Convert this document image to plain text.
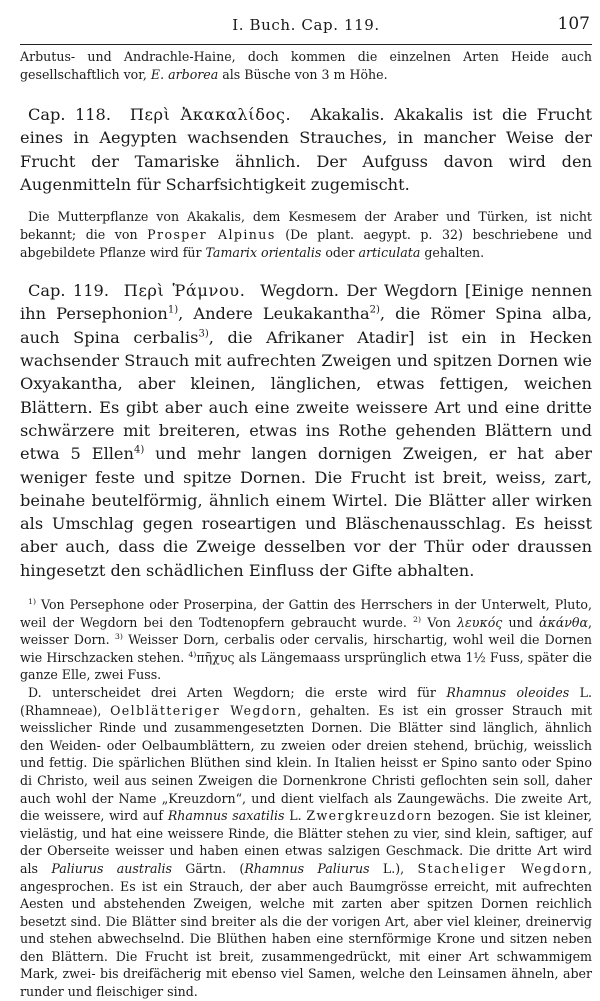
I. Buch. Cap. 119.	107

Arbutus- und Andrachle-Haine, doch kommen die einzelnen Arten Heide auch gesellschaftlich vor, E. arborea als Büsche von 3 m Höhe.

Cap. 118. Περὶ Ἀκακαλίδος. Akakalis. Akakalis ist die Frucht eines in Aegypten wachsenden Strauches, in mancher Weise der Frucht der Tamariske ähnlich. Der Aufguss davon wird den Augenmitteln für Scharfsichtigkeit zugemischt.

Die Mutterpflanze von Akakalis, dem Kesmesem der Araber und Türken, ist nicht bekannt; die von Prosper Alpinus (De plant. aegypt. p. 32) beschriebene und abgebildete Pflanze wird für Tamarix orientalis oder articulata gehalten.

Cap. 119. Περὶ Ῥάμνου. Wegdorn. Der Wegdorn [Einige nennen ihn Persephonion$^{1)}$, Andere Leukakantha$^{2)}$, die Römer Spina alba, auch Spina cerbalis$^{3)}$, die Afrikaner Atadir] ist ein in Hecken wachsender Strauch mit aufrechten Zweigen und spitzen Dornen wie Oxyakantha, aber kleinen, länglichen, etwas fettigen, weichen Blättern. Es gibt aber auch eine zweite weissere Art und eine dritte schwärzere mit breiteren, etwas ins Rothe gehenden Blättern und etwa 5 Ellen$^{4)}$ und mehr langen dornigen Zweigen, er hat aber weniger feste und spitze Dornen. Die Frucht ist breit, weiss, zart, beinahe beutelförmig, ähnlich einem Wirtel. Die Blätter aller wirken als Umschlag gegen roseartigen und Bläschenausschlag. Es heisst aber auch, dass die Zweige desselben vor der Thür oder draussen hingesetzt den schädlichen Einfluss der Gifte abhalten.

$^{1)}$ Von Persephone oder Proserpina, der Gattin des Herrschers in der Unterwelt, Pluto, weil der Wegdorn bei den Todtenopfern gebraucht wurde. $^{2)}$ Von λευκός und ἀκάνθα, weisser Dorn. $^{3)}$ Weisser Dorn, cerbalis oder cervalis, hirschartig, wohl weil die Dornen wie Hirschzacken stehen. $^{4)}$πῆχυς als Längemaass ursprünglich etwa 1½ Fuss, später die ganze Elle, zwei Fuss.

D. unterscheidet drei Arten Wegdorn; die erste wird für Rhamnus oleoides L. (Rhamneae), Oelblätteriger Wegdorn, gehalten. Es ist ein grosser Strauch mit weisslicher Rinde und zusammengesetzten Dornen. Die Blätter sind länglich, ähnlich den Weiden- oder Oelbaumblättern, zu zweien oder dreien stehend, brüchig, weisslich und fettig. Die spärlichen Blüthen sind klein. In Italien heisst er Spino santo oder Spino di Christo, weil aus seinen Zweigen die Dornenkrone Christi geflochten sein soll, daher auch wohl der Name „Kreuzdorn“, und dient vielfach als Zaungewächs. Die zweite Art, die weissere, wird auf Rhamnus saxatilis L. Zwergkreuzdorn bezogen. Sie ist kleiner, vielästig, und hat eine weissere Rinde, die Blätter stehen zu vier, sind klein, saftiger, auf der Oberseite weisser und haben einen etwas salzigen Geschmack. Die dritte Art wird als Paliurus australis Gärtn. (Rhamnus Paliurus L.), Stacheliger Wegdorn, angesprochen. Es ist ein Strauch, der aber auch Baumgrösse erreicht, mit aufrechten Aesten und abstehenden Zweigen, welche mit zarten aber spitzen Dornen reichlich besetzt sind. Die Blätter sind breiter als die der vorigen Art, aber viel kleiner, dreinervig und stehen abwechselnd. Die Blüthen haben eine sternförmige Krone und sitzen neben den Blättern. Die Frucht ist breit, zusammengedrückt, mit einer Art schwammigem Mark, zwei- bis dreifächerig mit ebenso viel Samen, welche den Leinsamen ähneln, aber runder und fleischiger sind.
